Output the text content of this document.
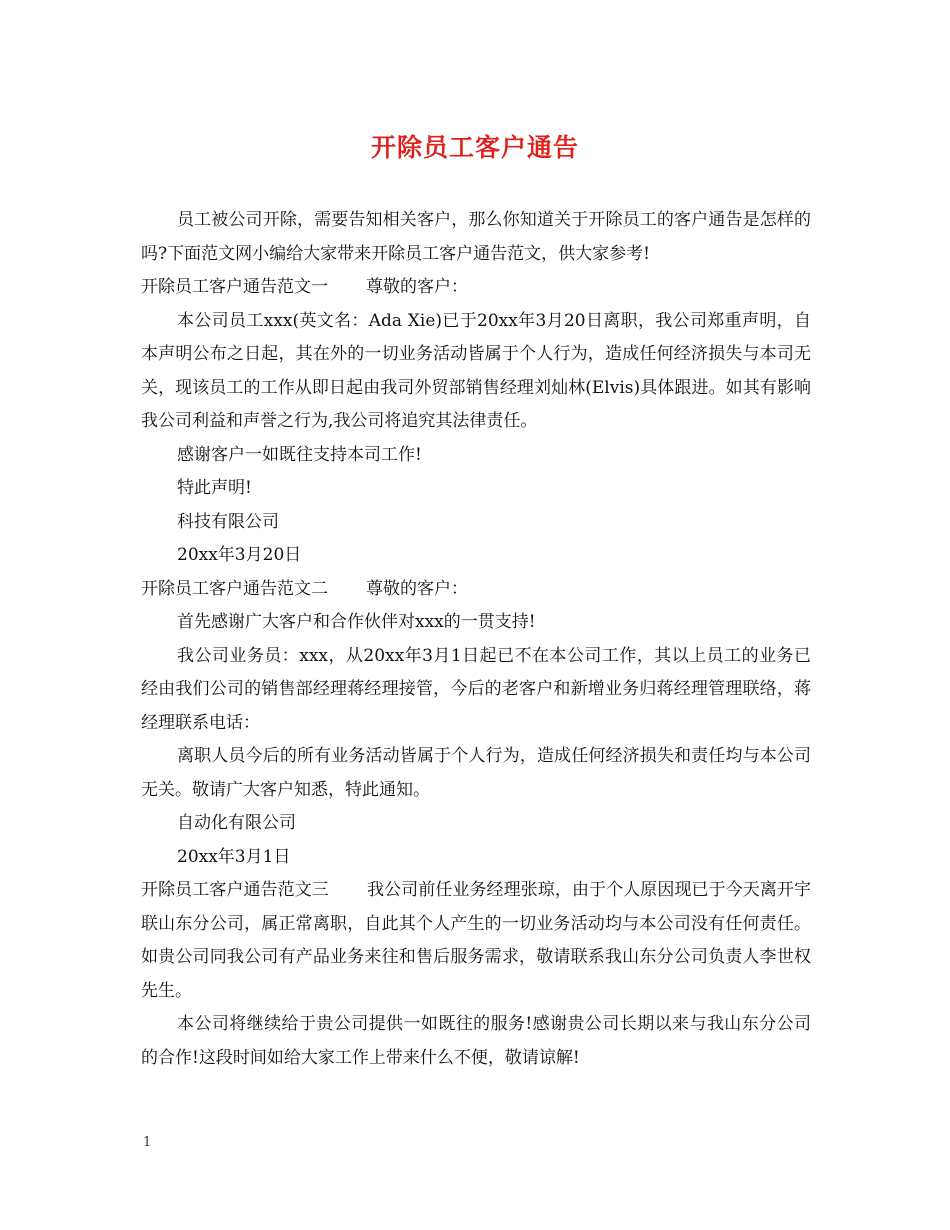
开除员工客户通告

员工被公司开除，需要告知相关客户，那么你知道关于开除员工的客户通告是怎样的吗?下面范文网小编给大家带来开除员工客户通告范文，供大家参考!

开除员工客户通告范文一 尊敬的客户：

本公司员工xxx(英文名：Ada Xie)已于20xx年3月20日离职，我公司郑重声明，自本声明公布之日起，其在外的一切业务活动皆属于个人行为，造成任何经济损失与本司无关，现该员工的工作从即日起由我司外贸部销售经理刘灿林(Elvis)具体跟进。如其有影响我公司利益和声誉之行为,我公司将追究其法律责任。

感谢客户一如既往支持本司工作!

特此声明!

科技有限公司

20xx年3月20日

开除员工客户通告范文二 尊敬的客户：

首先感谢广大客户和合作伙伴对xxx的一贯支持!

我公司业务员：xxx，从20xx年3月1日起已不在本公司工作，其以上员工的业务已经由我们公司的销售部经理蒋经理接管，今后的老客户和新增业务归蒋经理管理联络，蒋经理联系电话：

离职人员今后的所有业务活动皆属于个人行为，造成任何经济损失和责任均与本公司无关。敬请广大客户知悉，特此通知。

自动化有限公司

20xx年3月1日

开除员工客户通告范文三 我公司前任业务经理张琼，由于个人原因现已于今天离开宇联山东分公司，属正常离职，自此其个人产生的一切业务活动均与本公司没有任何责任。如贵公司同我公司有产品业务来往和售后服务需求，敬请联系我山东分公司负责人李世权先生。

本公司将继续给于贵公司提供一如既往的服务!感谢贵公司长期以来与我山东分公司的合作!这段时间如给大家工作上带来什么不便，敬请谅解!

1
